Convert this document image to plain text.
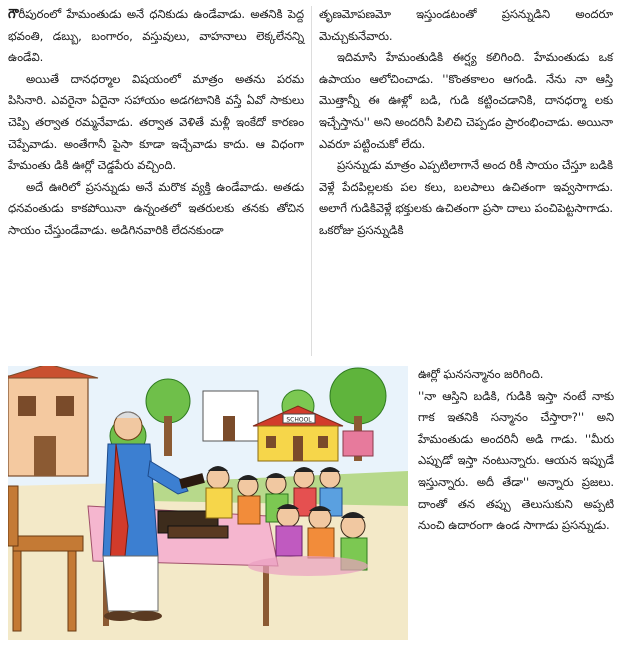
గౌరీపురంలో హేమంతుడు అనే ధనికుడు ఉండేవాడు. అతనికి పెద్ద భవంతి, డబ్బు, బంగారం, వస్తువులు, వాహనాలు లెక్కలేనన్ని ఉండేవి.

అయితే దానధర్మాల విషయంలో మాత్రం అతను పరమ పిసినారి. ఎవరైనా ఏదైనా సహాయం అడగటానికి వస్తే ఏవో సాకులు చెప్పి తర్వాత రమ్మనేవాడు. తర్వాత వెళితే మళ్లీ ఇంకేదో కారణం చెప్పేవాడు. అంతేగానీ పైసా కూడా ఇచ్చేవాడు కాదు. ఆ విధంగా హేమంతు డికి ఊర్లో చెడ్డపేరు వచ్చింది.

అదే ఊరిలో ప్రసన్నుడు అనే మరొక వ్యక్తి ఉండేవాడు. అతడు ధనవంతుడు కాకపోయినా ఉన్నంతలో ఇతరులకు తనకు తోచిన సాయం చేస్తుండేవాడు. అడిగినవారికి లేదనకుండా

తృణమోపణమో ఇస్తుండటంతో ప్రసన్నుడిని అందరూ మెచ్చుకునేవారు.

ఇదిమాసి హేమంతుడికి ఈర్ష్య కలిగింది. హేమంతుడు ఒక ఉపాయం ఆలోచించాడు. ''కొంతకాలం ఆగండి. నేను నా ఆస్తి మొత్తాన్నీ ఈ ఊళ్లో బడి, గుడి కట్టించడానికి, దానధర్మా లకు ఇచ్చేస్తాను'' అని అందరినీ పిలిచి చెప్పడం ప్రారంభించాడు. అయినా ఎవరూ పట్టించుకో లేదు.

ప్రసన్నుడు మాత్రం ఎప్పటిలాగానే అంద రికీ సాయం చేస్తూ బడికి వెళ్లే పేదపిల్లలకు పల కలు, బలపాలు ఉచితంగా ఇవ్వసాగాడు. అలాగే గుడికివెళ్లే భక్తులకు ఉచితంగా ప్రసా దాలు పంచిపెట్టసాగాడు. ఒకరోజు ప్రసన్నుడికి

ఊర్లో ఘనసన్మానం జరిగింది.

''నా ఆస్తిని బడికి, గుడికి ఇస్తా నంటే నాకు గాక ఇతనికి సన్మానం చేస్తారా?'' అని హేమంతుడు అందరినీ అడి గాడు. ''మీరు ఎప్పుడో ఇస్తా నంటున్నారు. ఆయన ఇప్పుడే ఇస్తున్నారు. అదీ తేడా'' అన్నారు ప్రజలు. దాంతో తన తప్పు తెలుసుకుని అప్పటి నుంచి ఉదారంగా ఉండ సాగాడు ప్రసన్నుడు.

SCHOOL
